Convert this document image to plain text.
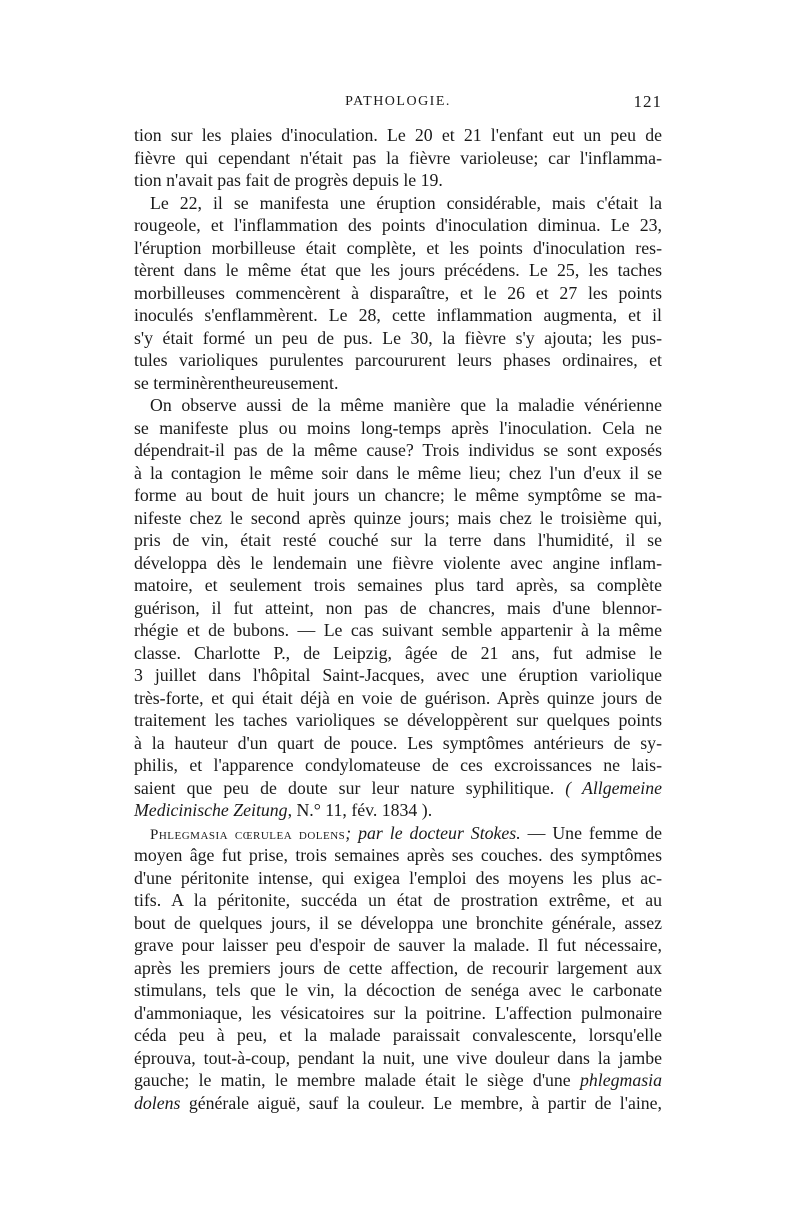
PATHOLOGIE.	121
tion sur les plaies d'inoculation. Le 20 et 21 l'enfant eut un peu de
fièvre qui cependant n'était pas la fièvre varioleuse; car l'inflamma-
tion n'avait pas fait de progrès depuis le 19.
Le 22, il se manifesta une éruption considérable, mais c'était la
rougeole, et l'inflammation des points d'inoculation diminua. Le 23,
l'éruption morbilleuse était complète, et les points d'inoculation res-
tèrent dans le même état que les jours précédens. Le 25, les taches
morbilleuses commencèrent à disparaître, et le 26 et 27 les points
inoculés s'enflammèrent. Le 28, cette inflammation augmenta, et il
s'y était formé un peu de pus. Le 30, la fièvre s'y ajouta; les pus-
tules varioliques purulentes parcoururent leurs phases ordinaires, et
se terminèrentheureusement.
On observe aussi de la même manière que la maladie vénérienne
se manifeste plus ou moins long-temps après l'inoculation. Cela ne
dépendrait-il pas de la même cause? Trois individus se sont exposés
à la contagion le même soir dans le même lieu; chez l'un d'eux il se
forme au bout de huit jours un chancre; le même symptôme se ma-
nifeste chez le second après quinze jours; mais chez le troisième qui,
pris de vin, était resté couché sur la terre dans l'humidité, il se
développa dès le lendemain une fièvre violente avec angine inflam-
matoire, et seulement trois semaines plus tard après, sa complète
guérison, il fut atteint, non pas de chancres, mais d'une blennor-
rhégie et de bubons. — Le cas suivant semble appartenir à la même
classe. Charlotte P., de Leipzig, âgée de 21 ans, fut admise le
3 juillet dans l'hôpital Saint-Jacques, avec une éruption variolique
très-forte, et qui était déjà en voie de guérison. Après quinze jours de
traitement les taches varioliques se développèrent sur quelques points
à la hauteur d'un quart de pouce. Les symptômes antérieurs de sy-
philis, et l'apparence condylomateuse de ces excroissances ne lais-
saient que peu de doute sur leur nature syphilitique. ( Allgemeine
Medicinische Zeitung, N.° 11, fév. 1834 ).
Phlegmasia cœrulea dolens; par le docteur Stokes. — Une femme de
moyen âge fut prise, trois semaines après ses couches. des symptômes
d'une péritonite intense, qui exigea l'emploi des moyens les plus ac-
tifs. A la péritonite, succéda un état de prostration extrême, et au
bout de quelques jours, il se développa une bronchite générale, assez
grave pour laisser peu d'espoir de sauver la malade. Il fut nécessaire,
après les premiers jours de cette affection, de recourir largement aux
stimulans, tels que le vin, la décoction de senéga avec le carbonate
d'ammoniaque, les vésicatoires sur la poitrine. L'affection pulmonaire
céda peu à peu, et la malade paraissait convalescente, lorsqu'elle
éprouva, tout-à-coup, pendant la nuit, une vive douleur dans la jambe
gauche; le matin, le membre malade était le siège d'une phlegmasia
dolens générale aiguë, sauf la couleur. Le membre, à partir de l'aine,
